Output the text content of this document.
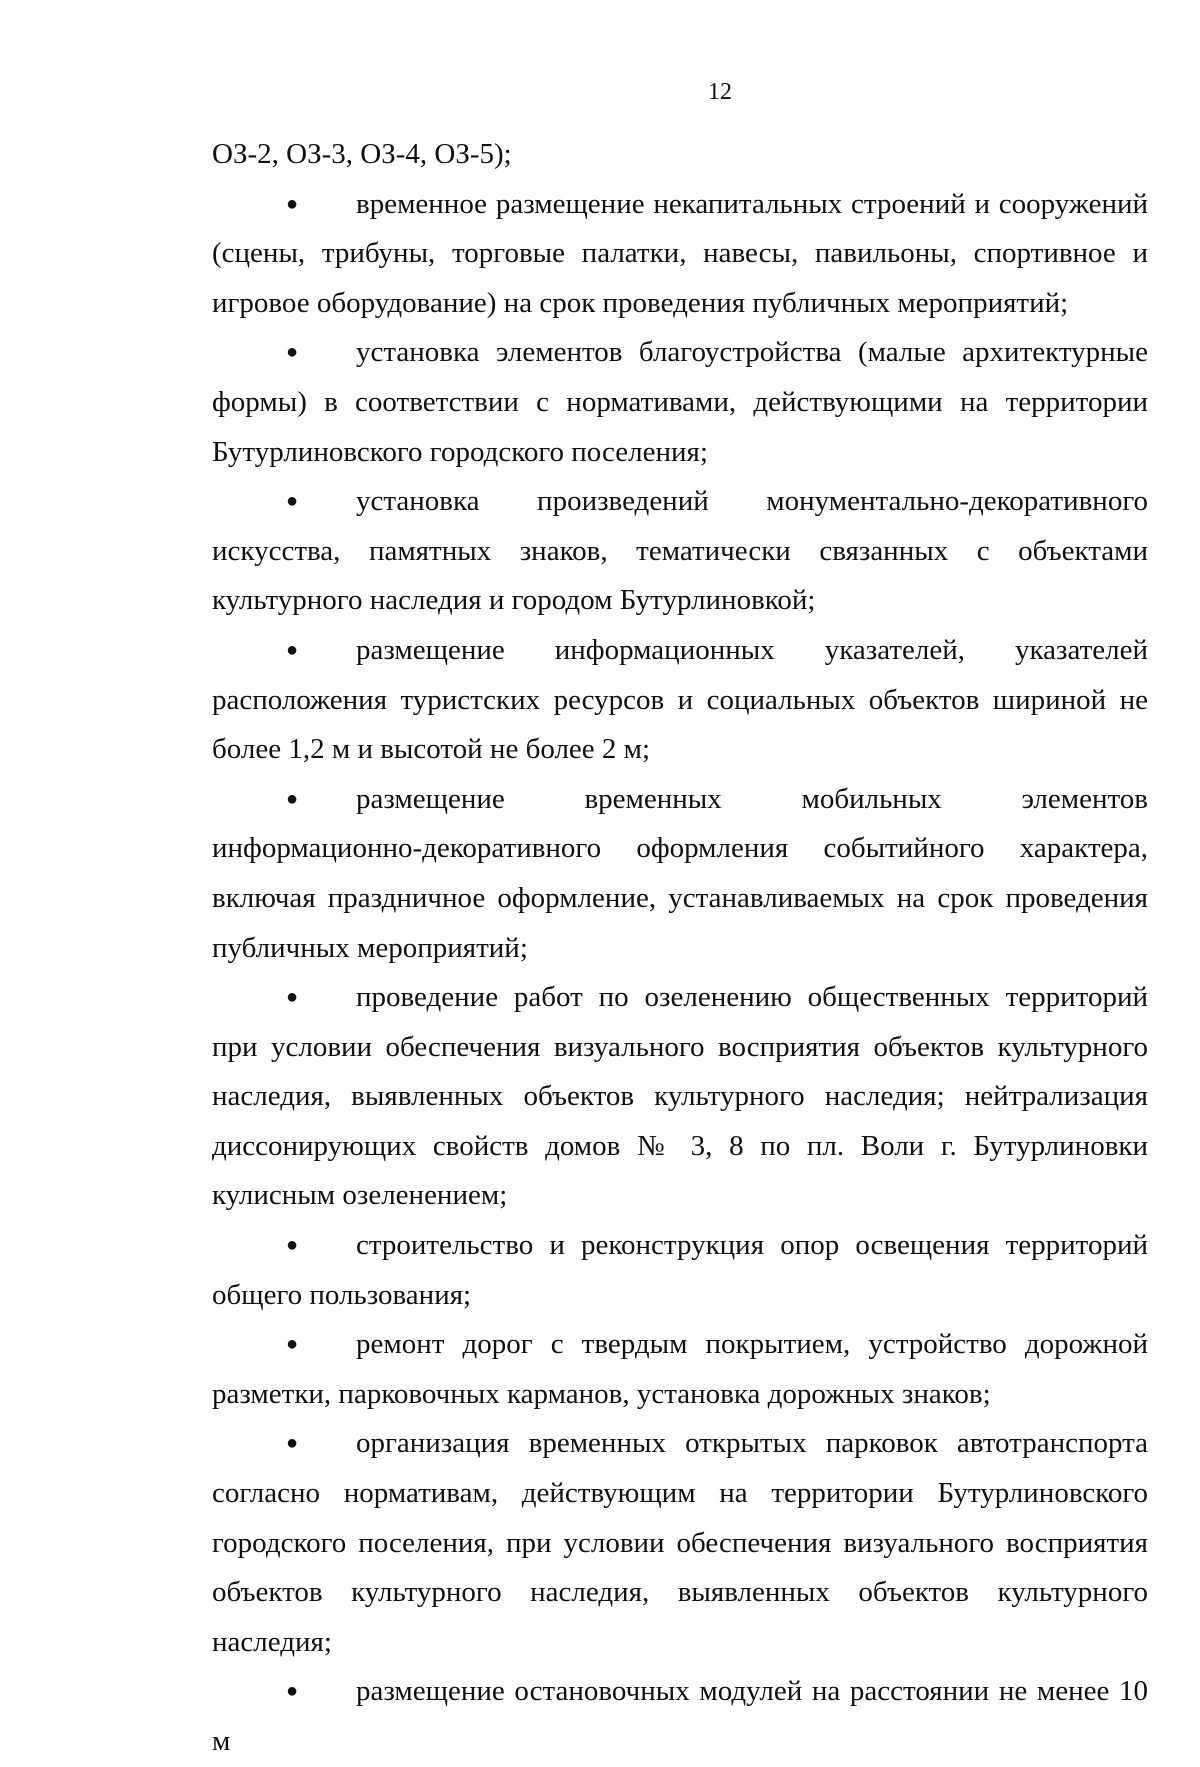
12

ОЗ-2, ОЗ-3, ОЗ-4, ОЗ-5);

● временное размещение некапитальных строений и сооружений (сцены, трибуны, торговые палатки, навесы, павильоны, спортивное и игровое оборудование) на срок проведения публичных мероприятий;

● установка элементов благоустройства (малые архитектурные формы) в соответствии с нормативами, действующими на территории Бутурлиновского городского поселения;

● установка произведений монументально-декоративного искусства, памятных знаков, тематически связанных с объектами культурного наследия и городом Бутурлиновкой;

● размещение информационных указателей, указателей расположения туристских ресурсов и социальных объектов шириной не более 1,2 м и высотой не более 2 м;

● размещение временных мобильных элементов информационно-декоративного оформления событийного характера, включая праздничное оформление, устанавливаемых на срок проведения публичных мероприятий;

● проведение работ по озеленению общественных территорий при условии обеспечения визуального восприятия объектов культурного наследия, выявленных объектов культурного наследия; нейтрализация диссонирующих свойств домов № 3, 8 по пл. Воли г. Бутурлиновки кулисным озеленением;

● строительство и реконструкция опор освещения территорий общего пользования;

● ремонт дорог с твердым покрытием, устройство дорожной разметки, парковочных карманов, установка дорожных знаков;

● организация временных открытых парковок автотранспорта согласно нормативам, действующим на территории Бутурлиновского городского поселения, при условии обеспечения визуального восприятия объектов культурного наследия, выявленных объектов культурного наследия;

● размещение остановочных модулей на расстоянии не менее 10 м
